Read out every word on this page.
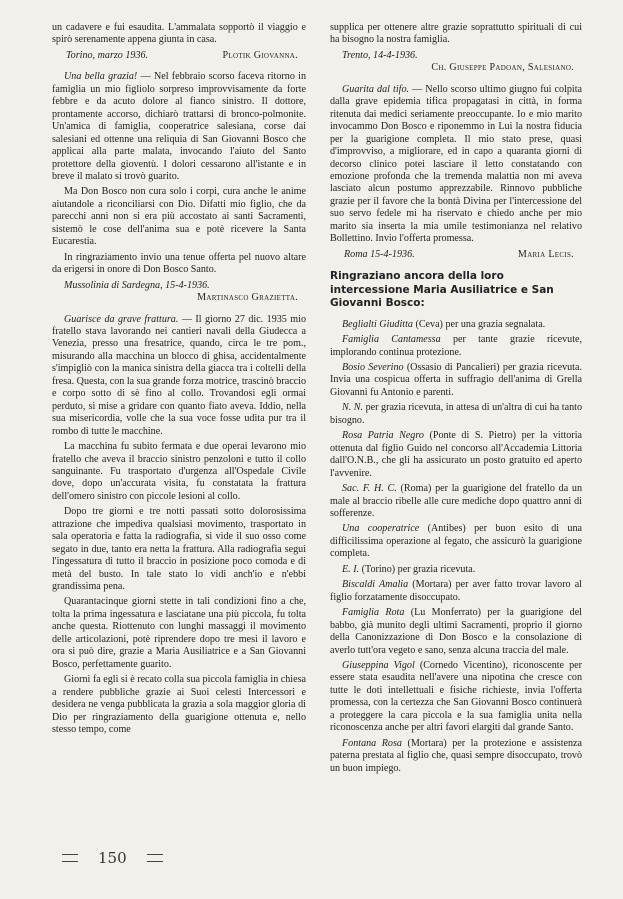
un cadavere e fui esaudita. L'ammalata sopportò il viaggio e spirò serenamente appena giunta in casa.

Torino, marzo 1936.	Plotik Giovanna.

Una bella grazia! — Nel febbraio scorso faceva ritorno in famiglia un mio figliolo sorpreso improvvisamente da forte febbre e da acuto dolore al fianco sinistro. Il dottore, prontamente accorso, dichiarò trattarsi di bronco-polmonite. Un'amica di famiglia, cooperatrice salesiana, corse dai salesiani ed ottenne una reliquia di San Giovanni Bosco che applicai alla parte malata, invocando l'aiuto del Santo protettore della gioventù. I dolori cessarono all'istante e in breve il malato si trovò guarito.

Ma Don Bosco non cura solo i corpi, cura anche le anime aiutandole a riconciliarsi con Dio. Difatti mio figlio, che da parecchi anni non si era più accostato ai santi Sacramenti, sistemò le cose dell'anima sua e potè ricevere la Santa Eucarestia.

In ringraziamento invio una tenue offerta pel nuovo altare da erigersi in onore di Don Bosco Santo.

Mussolinia di Sardegna, 15-4-1936.

Martinasco Grazietta.

Guarisce da grave frattura. — Il giorno 27 dic. 1935 mio fratello stava lavorando nei cantieri navali della Giudecca a Venezia, presso una fresatrice, quando, circa le tre pom., misurando alla macchina un blocco di ghisa, accidentalmente s'impigliò con la manica sinistra della giacca tra i coltelli della fresa. Questa, con la sua grande forza motrice, trascinò braccio e corpo sotto di sè fino al collo. Trovandosi egli ormai perduto, si mise a gridare con quanto fiato aveva. Iddio, nella sua misericordia, volle che la sua voce fosse udita pur tra il rombo di tutte le macchine.

La macchina fu subito fermata e due operai levarono mio fratello che aveva il braccio sinistro penzoloni e tutto il collo sanguinante. Fu trasportato d'urgenza all'Ospedale Civile dove, dopo un'accurata visita, fu constatata la frattura dell'omero sinistro con piccole lesioni al collo.

Dopo tre giorni e tre notti passati sotto dolorosissima attrazione che impediva qualsiasi movimento, trasportato in sala operatoria e fatta la radiografia, si vide il suo osso come segato in due, tanto era netta la frattura. Alla radiografia seguì l'ingessatura di tutto il braccio in posizione poco comoda e di metà del busto. In tale stato lo vidi anch'io e n'ebbi grandissima pena.

Quarantacinque giorni stette in tali condizioni fino a che, tolta la prima ingessatura e lasciatane una più piccola, fu tolta anche questa. Riottenuto con lunghi massaggi il movimento delle articolazioni, potè riprendere dopo tre mesi il lavoro e ora si può dire, grazie a Maria Ausiliatrice e a San Giovanni Bosco, perfettamente guarito.

Giorni fa egli si è recato colla sua piccola famiglia in chiesa a rendere pubbliche grazie ai Suoi celesti Intercessori e desidera ne venga pubblicata la grazia a sola maggior gloria di Dio per ringraziamento della guarigione ottenuta e, nello stesso tempo, come

supplica per ottenere altre grazie soprattutto spirituali di cui ha bisogno la nostra famiglia.

Trento, 14-4-1936.

Ch. Giuseppe Padoan, Salesiano.

Guarita dal tifo. — Nello scorso ultimo giugno fui colpita dalla grave epidemia tifica propagatasi in città, in forma ritenuta dai medici seriamente preoccupante. Io e mio marito invocammo Don Bosco e riponemmo in Lui la nostra fiducia per la guarigione completa. Il mio stato prese, quasi d'improvviso, a migliorare, ed in capo a quaranta giorni di decorso clinico potei lasciare il letto constatando con emozione profonda che la tremenda malattia non mi aveva lasciato alcun postumo apprezzabile. Rinnovo pubbliche grazie per il favore che la bontà Divina per l'intercessione del suo servo fedele mi ha riservato e chiedo anche per mio marito sia inserta la mia umile testimonianza nel relativo Bollettino. Invio l'offerta promessa.

Roma 15-4-1936.	Maria Lecis.
Ringraziano ancora della loro intercessione Maria Ausiliatrice e San Giovanni Bosco:

Beglialti Giuditta (Ceva) per una grazia segnalata.

Famiglia Cantamessa per tante grazie ricevute, implorando continua protezione.

Bosio Severino (Ossasio di Pancalieri) per grazia ricevuta. Invia una cospicua offerta in suffragio dell'anima di Grella Giovanni fu Antonio e parenti.

N. N. per grazia ricevuta, in attesa di un'altra di cui ha tanto bisogno.

Rosa Patria Negro (Ponte di S. Pietro) per la vittoria ottenuta dal figlio Guido nel concorso all'Accademia Littoria dall'O.N.B., che gli ha assicurato un posto gratuito ed aperto l'avvenire.

Sac. F. H. C. (Roma) per la guarigione del fratello da un male al braccio ribelle alle cure mediche dopo quattro anni di sofferenze.

Una cooperatrice (Antibes) per buon esito di una difficilissima operazione al fegato, che assicurò la guarigione completa.

E. I. (Torino) per grazia ricevuta.

Biscaldi Amalia (Mortara) per aver fatto trovar lavoro al figlio forzatamente disoccupato.

Famiglia Rota (Lu Monferrato) per la guarigione del babbo, già munito degli ultimi Sacramenti, proprio il giorno della Canonizzazione di Don Bosco e la consolazione di averlo tutt'ora vegeto e sano, senza alcuna traccia del male.

Giuseppina Vigol (Cornedo Vicentino), riconoscente per essere stata esaudita nell'avere una nipotina che cresce con tutte le doti intellettuali e fisiche richieste, invia l'offerta promessa, con la certezza che San Giovanni Bosco continuerà a proteggere la cara piccola e la sua famiglia unita nella riconoscenza anche per altri favori elargiti dal grande Santo.

Fontana Rosa (Mortara) per la protezione e assistenza paterna prestata al figlio che, quasi sempre disoccupato, trovò un buon impiego.

150
